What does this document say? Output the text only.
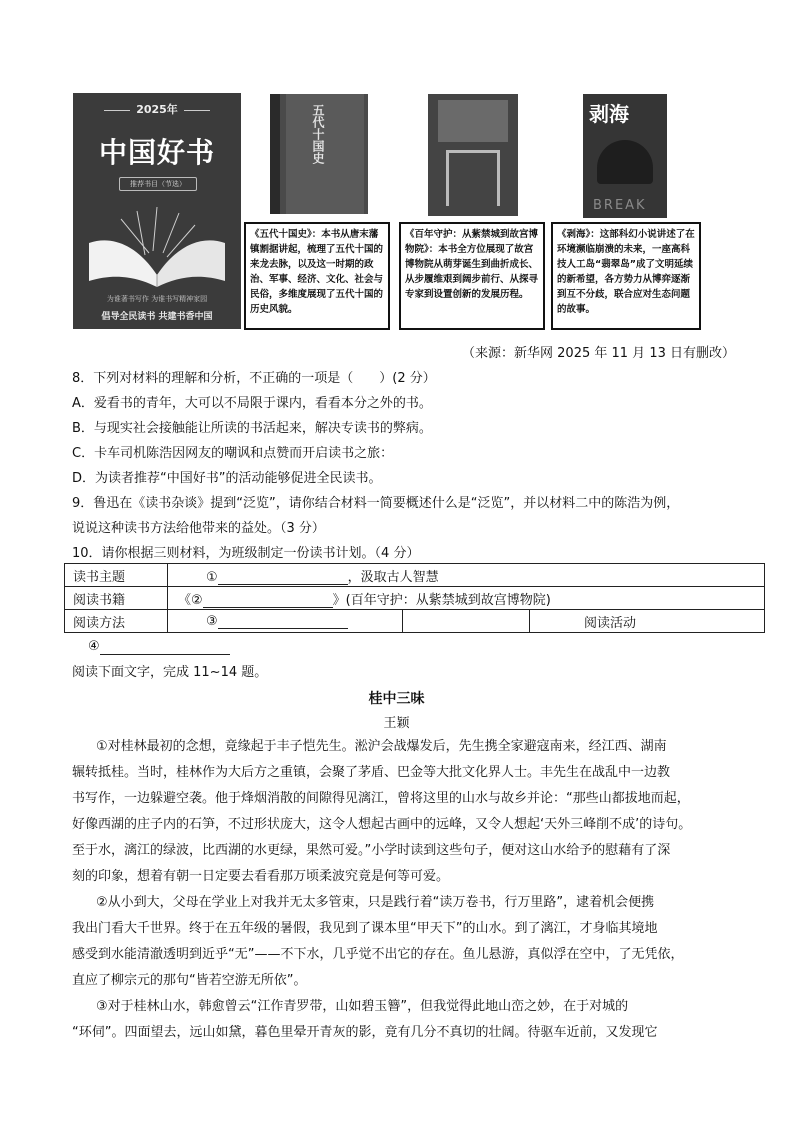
2025年
中国好书
推荐书目（节选）
为谁著书写作 为谁书写精神家园
倡导全民读书 共建书香中国
五代十国史
《五代十国史》：本书从唐末藩镇割据讲起，梳理了五代十国的来龙去脉，以及这一时期的政治、军事、经济、文化、社会与民俗，多维度展现了五代十国的历史风貌。
《百年守护：从紫禁城到故宫博物院》：本书全方位展现了故宫博物院从萌芽诞生到曲折成长、从步履维艰到阔步前行、从探寻专家到设置创新的发展历程。
剥海
BREAK
《剥海》：这部科幻小说讲述了在环境濒临崩溃的未来，一座高科技人工岛“翡翠岛”成了文明延续的新希望，各方势力从博弈逐渐到互不分歧，联合应对生态问题的故事。
（来源：新华网 2025 年 11 月 13 日有删改）
8．下列对材料的理解和分析，不正确的一项是（　　）(2 分）
A．爱看书的青年，大可以不局限于课内，看看本分之外的书。
B．与现实社会接触能让所读的书活起来，解决专读书的弊病。
C．卡车司机陈浩因网友的嘲讽和点赞而开启读书之旅：
D．为读者推荐“中国好书”的活动能够促进全民读书。
9．鲁迅在《读书杂谈》提到“泛览”，请你结合材料一简要概述什么是“泛览”，并以材料二中的陈浩为例，
说说这种读书方法给他带来的益处。（3 分）
10．请你根据三则材料，为班级制定一份读书计划。（4 分）
读书主题	① ，汲取古人智慧		
阅读书籍	《② 》(百年守护：从紫禁城到故宫博物院)		
阅读方法	③		阅读活动
④
阅读下面文字，完成 11~14 题。
桂中三味
王颖
①对桂林最初的念想，竟缘起于丰子恺先生。淞沪会战爆发后，先生携全家避寇南来，经江西、湖南
辗转抵桂。当时，桂林作为大后方之重镇，会聚了茅盾、巴金等大批文化界人士。丰先生在战乱中一边教
书写作，一边躲避空袭。他于烽烟消散的间隙得见漓江，曾将这里的山水与故乡并论：“那些山都拔地而起，
好像西湖的庄子内的石笋，不过形状庞大，这令人想起古画中的远峰，又令人想起‘天外三峰削不成’的诗句。
至于水，漓江的绿波，比西湖的水更绿，果然可爱。”小学时读到这些句子，便对这山水给予的慰藉有了深
刻的印象，想着有朝一日定要去看看那万顷柔波究竟是何等可爱。
②从小到大，父母在学业上对我并无太多管束，只是践行着“读万卷书，行万里路”，逮着机会便携
我出门看大千世界。终于在五年级的暑假，我见到了课本里“甲天下”的山水。到了漓江，才身临其境地
感受到水能清澈透明到近乎“无”——不下水，几乎觉不出它的存在。鱼儿悬游，真似浮在空中，了无凭依，
直应了柳宗元的那句“皆若空游无所依”。
③对于桂林山水，韩愈曾云“江作青罗带，山如碧玉簪”，但我觉得此地山峦之妙，在于对城的
“环伺”。四面望去，远山如黛，暮色里晕开青灰的影，竟有几分不真切的壮阔。待驱车近前，又发现它
